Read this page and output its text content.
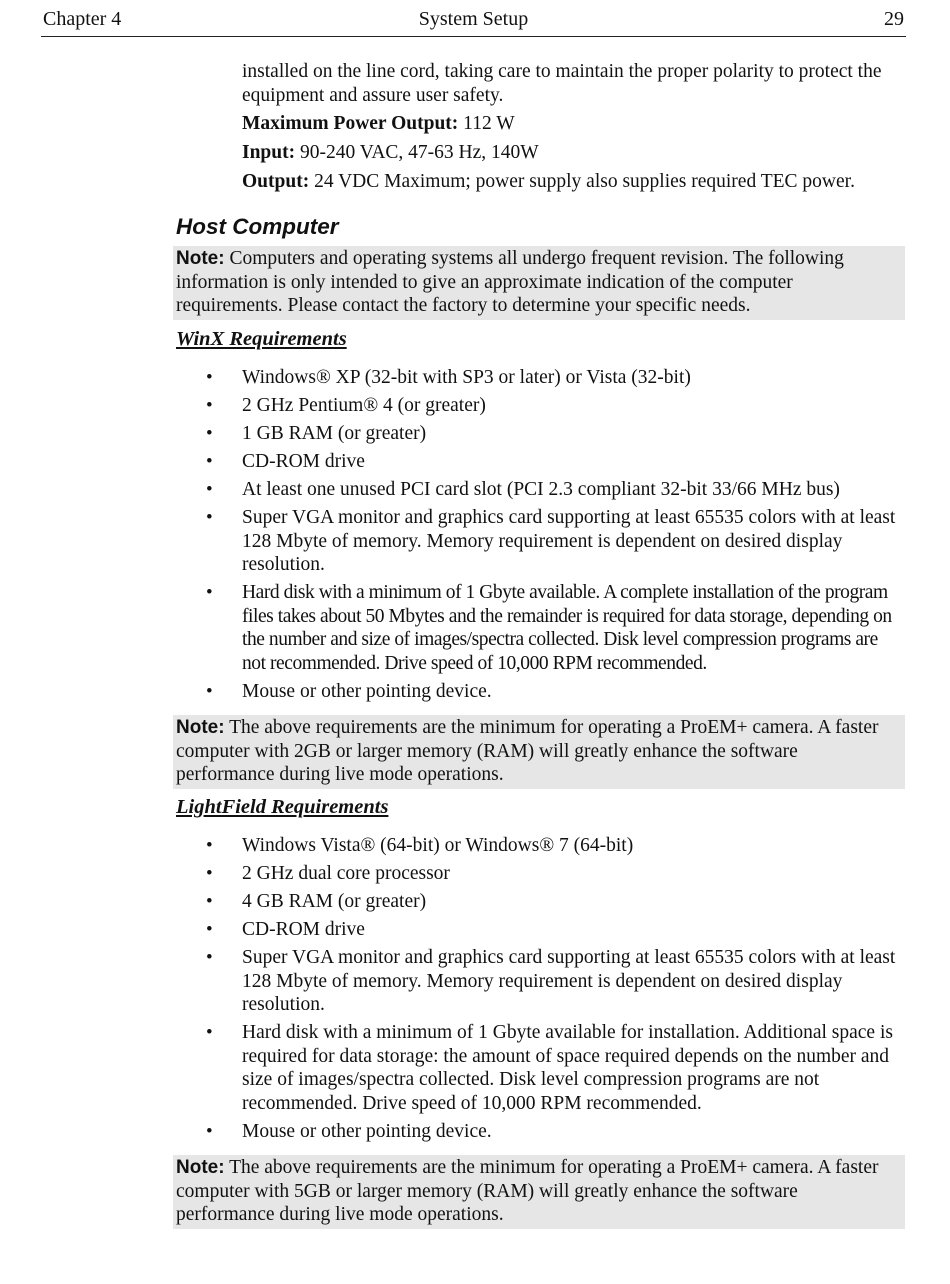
Chapter 4	System Setup	29
installed on the line cord, taking care to maintain the proper polarity to protect the equipment and assure user safety.
Maximum Power Output: 112 W
Input: 90-240 VAC, 47-63 Hz, 140W
Output: 24 VDC Maximum; power supply also supplies required TEC power.
Host Computer
Note: Computers and operating systems all undergo frequent revision. The following information is only intended to give an approximate indication of the computer requirements. Please contact the factory to determine your specific needs.
WinX Requirements
• Windows® XP (32-bit with SP3 or later) or Vista (32-bit)
• 2 GHz Pentium® 4 (or greater)
• 1 GB RAM (or greater)
• CD-ROM drive
• At least one unused PCI card slot (PCI 2.3 compliant 32-bit 33/66 MHz bus)
• Super VGA monitor and graphics card supporting at least 65535 colors with at least 128 Mbyte of memory. Memory requirement is dependent on desired display resolution.
• Hard disk with a minimum of 1 Gbyte available. A complete installation of the program files takes about 50 Mbytes and the remainder is required for data storage, depending on the number and size of images/spectra collected. Disk level compression programs are not recommended. Drive speed of 10,000 RPM recommended.
• Mouse or other pointing device.
Note: The above requirements are the minimum for operating a ProEM+ camera. A faster computer with 2GB or larger memory (RAM) will greatly enhance the software performance during live mode operations.
LightField Requirements
• Windows Vista® (64-bit) or Windows® 7 (64-bit)
• 2 GHz dual core processor
• 4 GB RAM (or greater)
• CD-ROM drive
• Super VGA monitor and graphics card supporting at least 65535 colors with at least 128 Mbyte of memory. Memory requirement is dependent on desired display resolution.
• Hard disk with a minimum of 1 Gbyte available for installation. Additional space is required for data storage: the amount of space required depends on the number and size of images/spectra collected. Disk level compression programs are not recommended. Drive speed of 10,000 RPM recommended.
• Mouse or other pointing device.
Note: The above requirements are the minimum for operating a ProEM+ camera. A faster computer with 5GB or larger memory (RAM) will greatly enhance the software performance during live mode operations.
